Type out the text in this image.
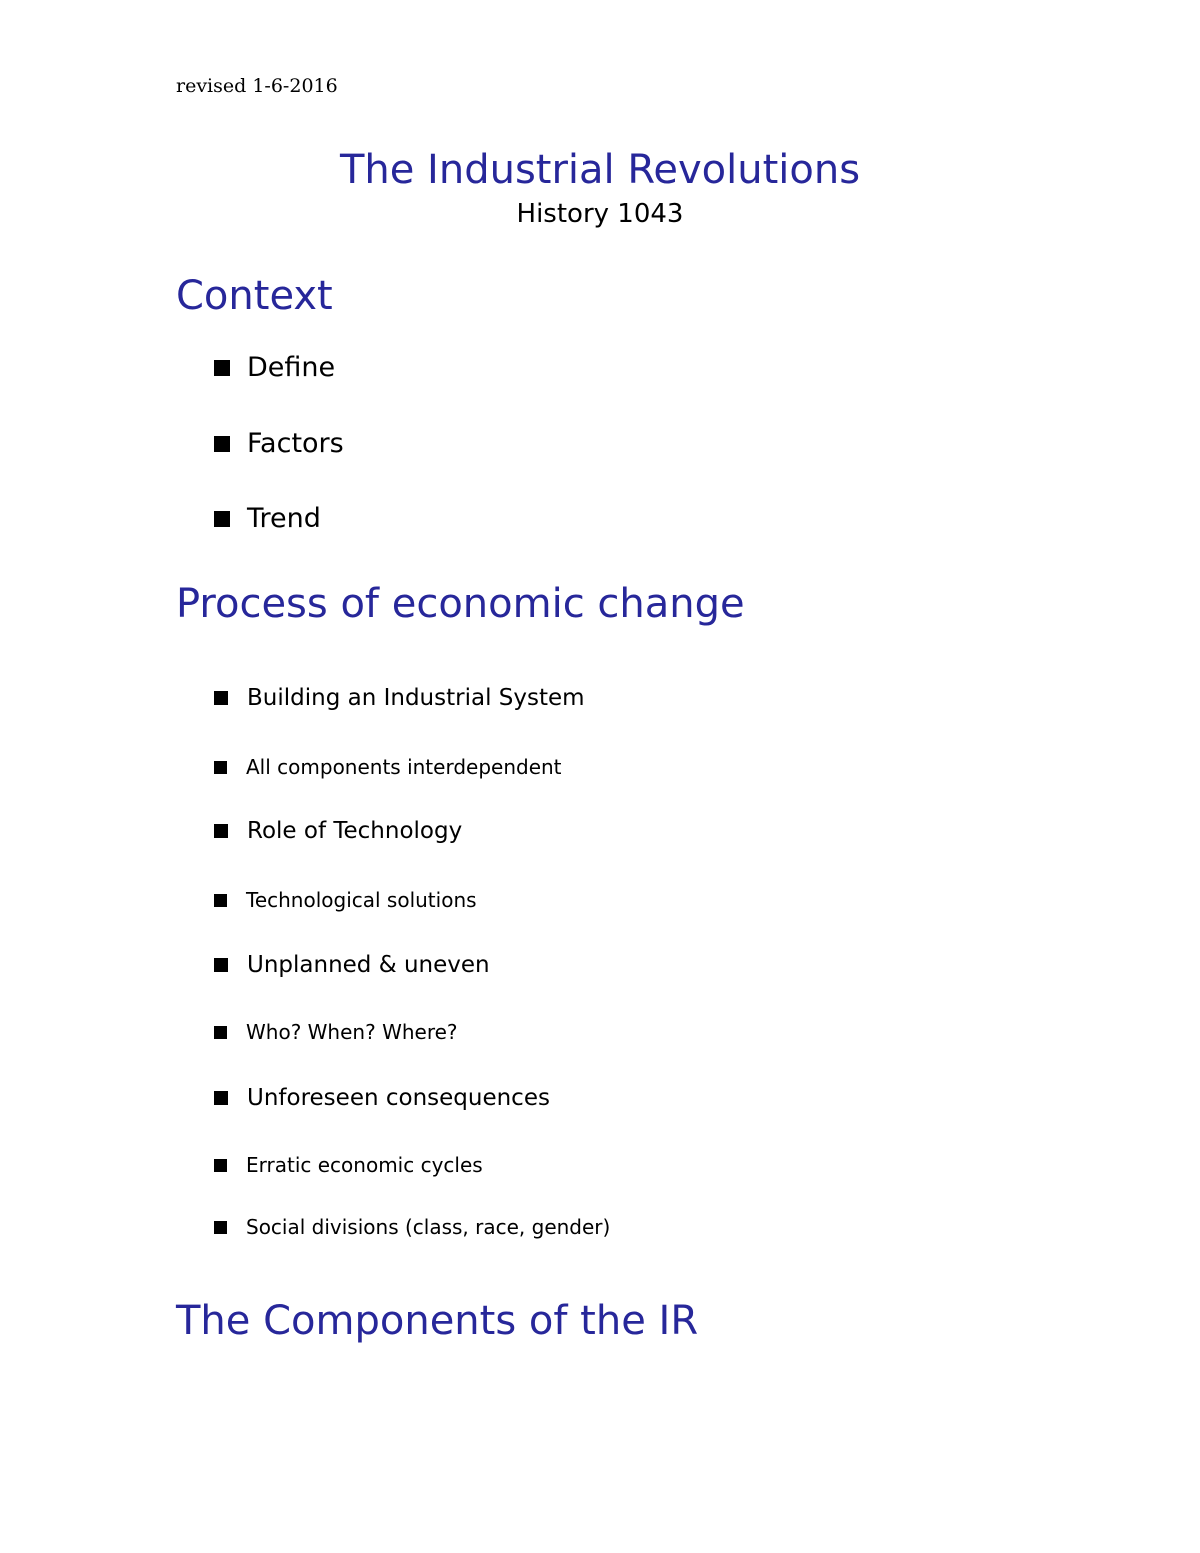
revised 1-6-2016

The Industrial Revolutions

History 1043

Context
Define
Factors
Trend
Process of economic change
Building an Industrial System
All components interdependent
Role of Technology
Technological solutions
Unplanned & uneven
Who? When? Where?
Unforeseen consequences
Erratic economic cycles
Social divisions (class, race, gender)
The Components of the IR
